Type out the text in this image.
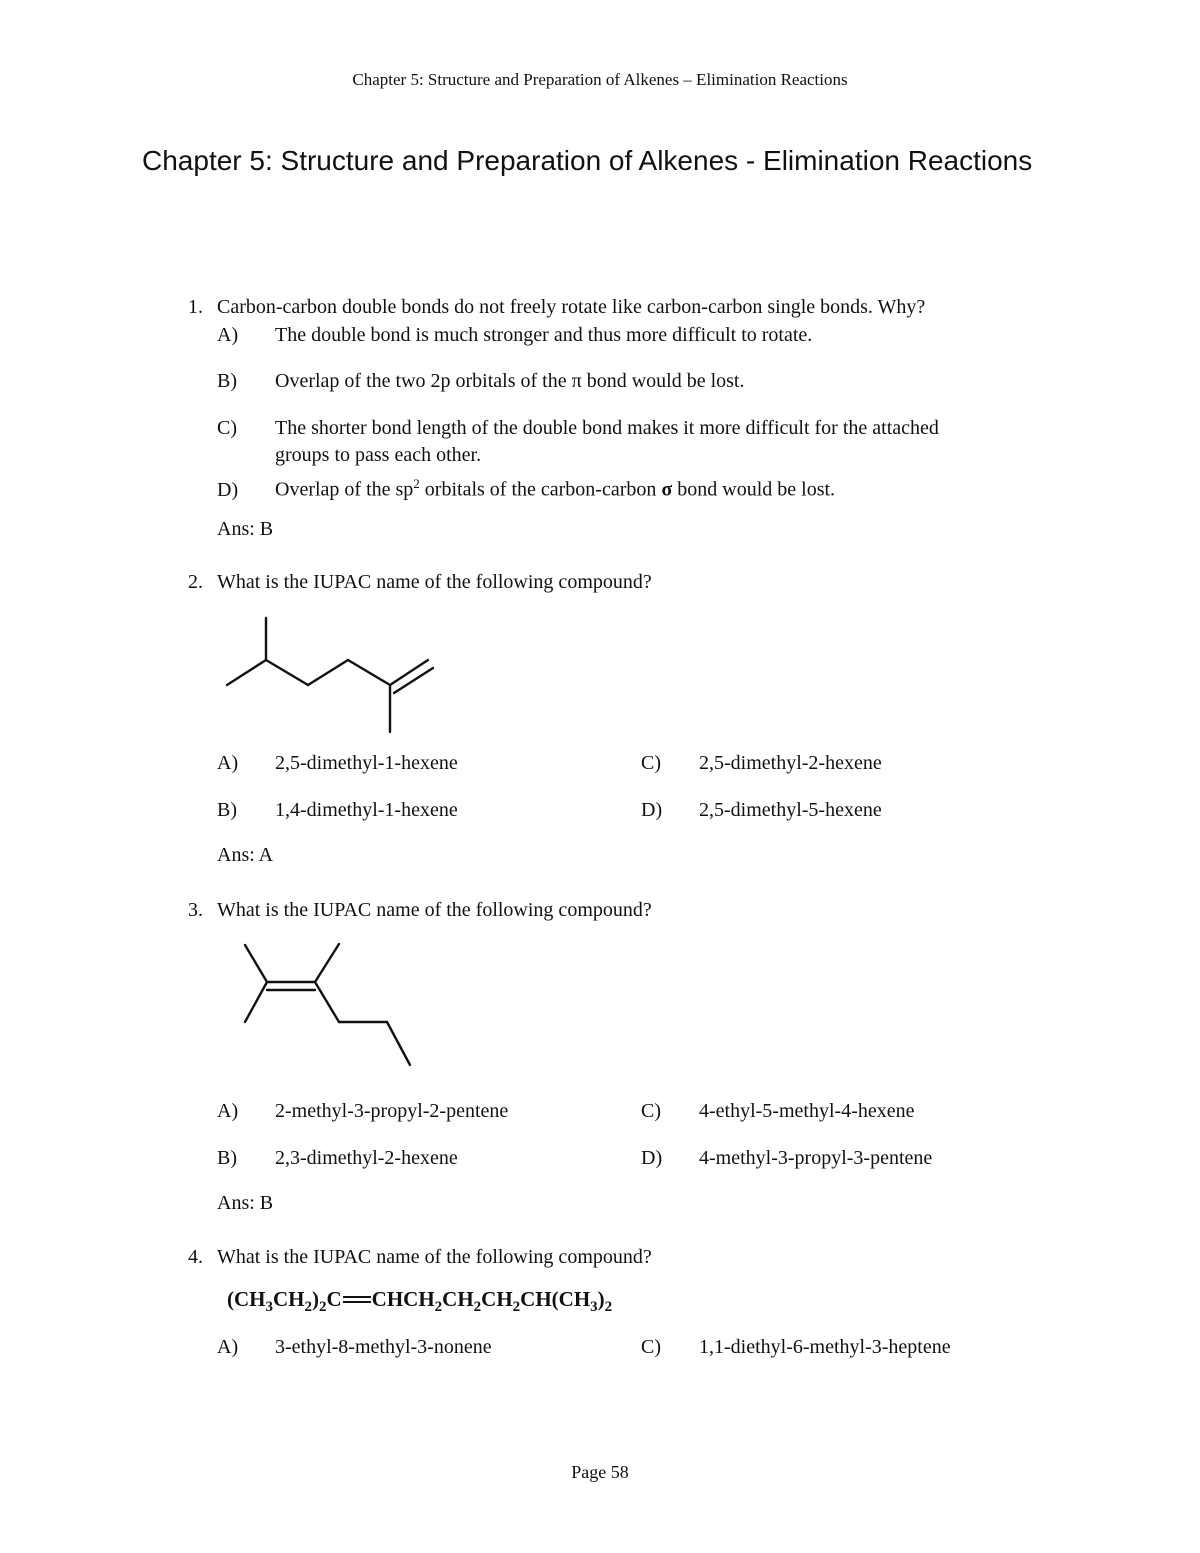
Chapter 5: Structure and Preparation of Alkenes – Elimination Reactions
Chapter 5: Structure and Preparation of Alkenes - Elimination Reactions
1. Carbon-carbon double bonds do not freely rotate like carbon-carbon single bonds. Why?
A) The double bond is much stronger and thus more difficult to rotate.
B) Overlap of the two 2p orbitals of the π bond would be lost.
C) The shorter bond length of the double bond makes it more difficult for the attached groups to pass each other.
D) Overlap of the $sp^2$ orbitals of the carbon-carbon σ bond would be lost.
Ans: B
2. What is the IUPAC name of the following compound?
A) 2,5-dimethyl-1-hexene
B) 1,4-dimethyl-1-hexene
C) 2,5-dimethyl-2-hexene
D) 2,5-dimethyl-5-hexene
Ans: A
3. What is the IUPAC name of the following compound?
A) 2-methyl-3-propyl-2-pentene
B) 2,3-dimethyl-2-hexene
C) 4-ethyl-5-methyl-4-hexene
D) 4-methyl-3-propyl-3-pentene
Ans: B
4. What is the IUPAC name of the following compound?
$(CH_3CH_2)_2C$ $CHCH_2CH_2CH_2CH(CH_3)_2$
A) 3-ethyl-8-methyl-3-nonene	C) 1,1-diethyl-6-methyl-3-heptene
Page 58
